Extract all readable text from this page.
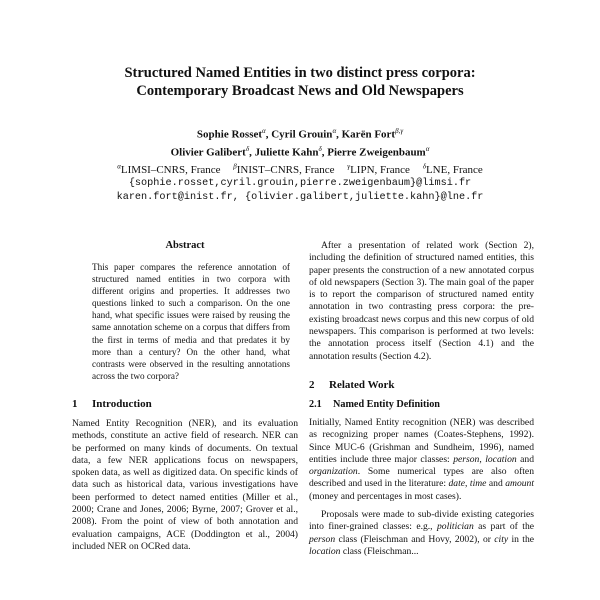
Structured Named Entities in two distinct press corpora:
Contemporary Broadcast News and Old Newspapers
Sophie Rosset$^\alpha$, Cyril Grouin$^\alpha$, Karën Fort$^{\beta,\gamma}$
Olivier Galibert$^\delta$, Juliette Kahn$^\delta$, Pierre Zweigenbaum$^\alpha$
$^\alpha$LIMSI–CNRS, France $^\beta$INIST–CNRS, France $^\gamma$LIPN, France $^\delta$LNE, France
{sophie.rosset,cyril.grouin,pierre.zweigenbaum}@limsi.fr
karen.fort@inist.fr, {olivier.galibert,juliette.kahn}@lne.fr
Abstract

This paper compares the reference annotation of structured named entities in two corpora with different origins and properties. It addresses two questions linked to such a comparison. On the one hand, what specific issues were raised by reusing the same annotation scheme on a corpus that differs from the first in terms of media and that predates it by more than a century? On the other hand, what contrasts were observed in the resulting annotations across the two corpora?

1 Introduction

Named Entity Recognition (NER), and its evaluation methods, constitute an active field of research. NER can be performed on many kinds of documents. On textual data, a few NER applications focus on newspapers, spoken data, as well as digitized data. On specific kinds of data such as historical data, various investigations have been performed to detect named entities (Miller et al., 2000; Crane and Jones, 2006; Byrne, 2007; Grover et al., 2008). From the point of view of both annotation and evaluation campaigns, ACE (Doddington et al., 2004) included NER on OCRed data.

After a presentation of related work (Section 2), including the definition of structured named entities, this paper presents the construction of a new annotated corpus of old newspapers (Section 3). The main goal of the paper is to report the comparison of structured named entity annotation in two contrasting press corpora: the pre-existing broadcast news corpus and this new corpus of old newspapers. This comparison is performed at two levels: the annotation process itself (Section 4.1) and the annotation results (Section 4.2).

2 Related Work
2.1 Named Entity Definition

Initially, Named Entity recognition (NER) was described as recognizing proper names (Coates-Stephens, 1992). Since MUC-6 (Grishman and Sundheim, 1996), named entities include three major classes: person, location and organization. Some numerical types are also often described and used in the literature: date, time and amount (money and percentages in most cases).

Proposals were made to sub-divide existing categories into finer-grained classes: e.g., politician as part of the person class (Fleischman and Hovy, 2002), or city in the location class (Fleischman...
